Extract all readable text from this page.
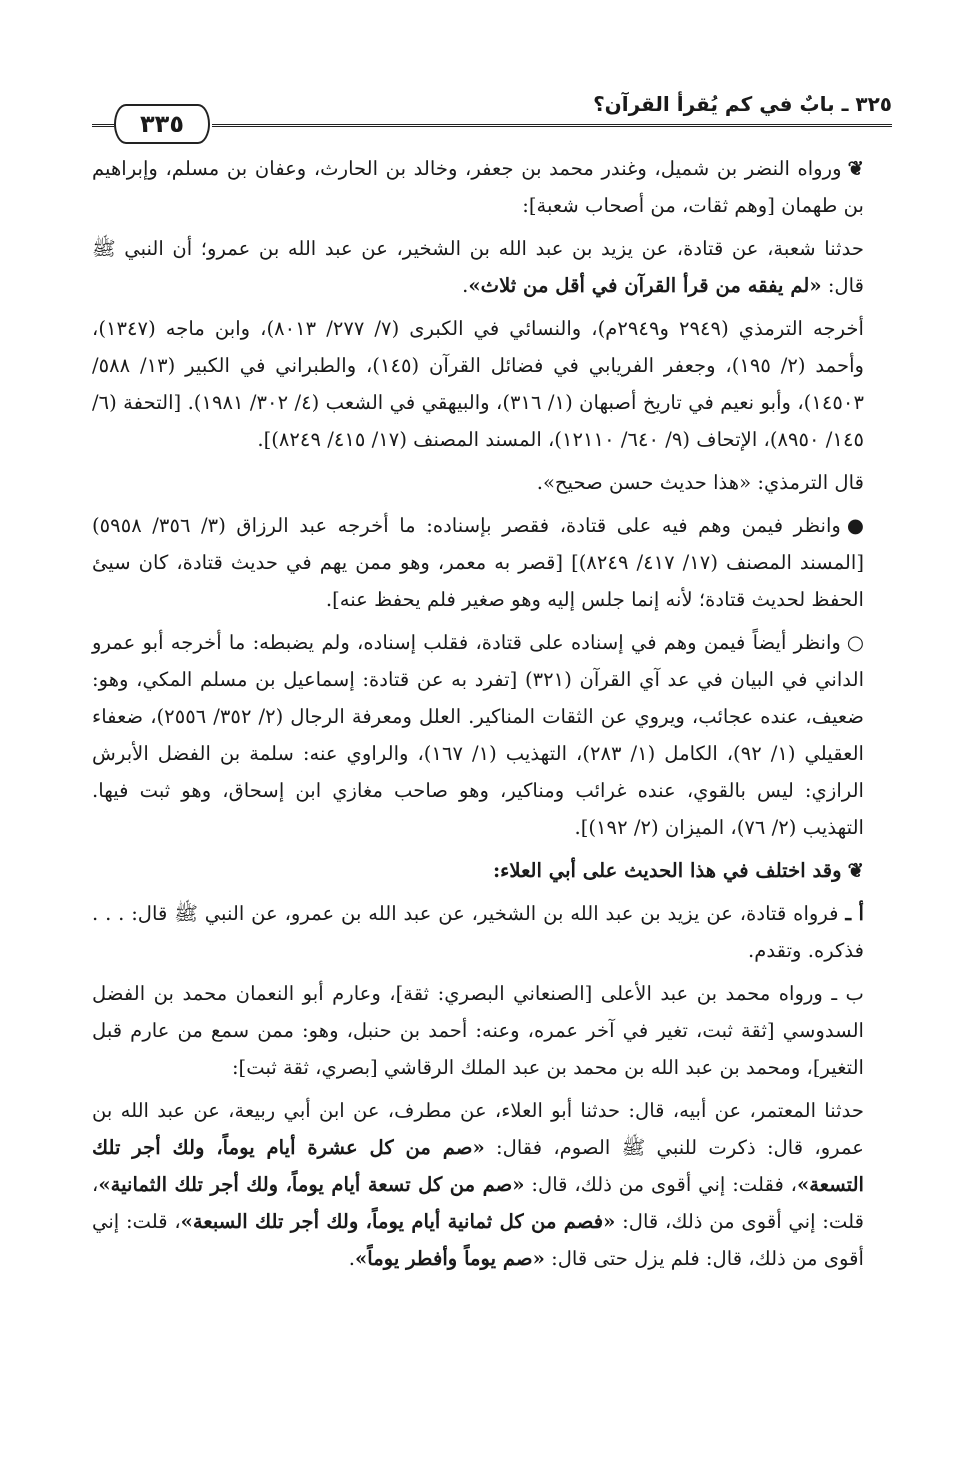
٣٢٥ ـ بابٌ في كم يُقرأ القرآن؟
٣٣٥

❦ورواه النضر بن شميل، وغندر محمد بن جعفر، وخالد بن الحارث، وعفان بن مسلم، وإبراهيم بن طهمان [وهم ثقات، من أصحاب شعبة]:

حدثنا شعبة، عن قتادة، عن يزيد بن عبد الله بن الشخير، عن عبد الله بن عمرو؛ أن النبي ﷺ قال: «لم يفقه من قرأ القرآن في أقل من ثلاث».

أخرجه الترمذي (٢٩٤٩ و٢٩٤٩م)، والنسائي في الكبرى (٧/ ٢٧٧/ ٨٠١٣)، وابن ماجه (١٣٤٧)، وأحمد (٢/ ١٩٥)، وجعفر الفريابي في فضائل القرآن (١٤٥)، والطبراني في الكبير (١٣/ ٥٨٨/ ١٤٥٠٣)، وأبو نعيم في تاريخ أصبهان (١/ ٣١٦)، والبيهقي في الشعب (٤/ ٣٠٢/ ١٩٨١). [التحفة (٦/ ١٤٥/ ٨٩٥٠)، الإتحاف (٩/ ٦٤٠/ ١٢١١٠)، المسند المصنف (١٧/ ٤١٥/ ٨٢٤٩)].

قال الترمذي: «هذا حديث حسن صحيح».

●وانظر فيمن وهم فيه على قتادة، فقصر بإسناده: ما أخرجه عبد الرزاق (٣/ ٣٥٦/ ٥٩٥٨) [المسند المصنف (١٧/ ٤١٧/ ٨٢٤٩)] [قصر به معمر، وهو ممن يهم في حديث قتادة، كان سيئ الحفظ لحديث قتادة؛ لأنه إنما جلس إليه وهو صغير فلم يحفظ عنه].

○وانظر أيضاً فيمن وهم في إسناده على قتادة، فقلب إسناده، ولم يضبطه: ما أخرجه أبو عمرو الداني في البيان في عد آي القرآن (٣٢١) [تفرد به عن قتادة: إسماعيل بن مسلم المكي، وهو: ضعيف، عنده عجائب، ويروي عن الثقات المناكير. العلل ومعرفة الرجال (٢/ ٣٥٢/ ٢٥٥٦)، ضعفاء العقيلي (١/ ٩٢)، الكامل (١/ ٢٨٣)، التهذيب (١/ ١٦٧)، والراوي عنه: سلمة بن الفضل الأبرش الرازي: ليس بالقوي، عنده غرائب ومناكير، وهو صاحب مغازي ابن إسحاق، وهو ثبت فيها. التهذيب (٢/ ٧٦)، الميزان (٢/ ١٩٢)].

❦وقد اختلف في هذا الحديث على أبي العلاء:

أ ـ فرواه قتادة، عن يزيد بن عبد الله بن الشخير، عن عبد الله بن عمرو، عن النبي ﷺ قال: . . . فذكره. وتقدم.

ب ـ ورواه محمد بن عبد الأعلى [الصنعاني البصري: ثقة]، وعارم أبو النعمان محمد بن الفضل السدوسي [ثقة ثبت، تغير في آخر عمره، وعنه: أحمد بن حنبل، وهو: ممن سمع من عارم قبل التغير]، ومحمد بن عبد الله بن محمد بن عبد الملك الرقاشي [بصري، ثقة ثبت]:

حدثنا المعتمر، عن أبيه، قال: حدثنا أبو العلاء، عن مطرف، عن ابن أبي ربيعة، عن عبد الله بن عمرو، قال: ذكرت للنبي ﷺ الصوم، فقال: «صم من كل عشرة أيام يوماً، ولك أجر تلك التسعة»، فقلت: إني أقوى من ذلك، قال: «صم من كل تسعة أيام يوماً، ولك أجر تلك الثمانية»، قلت: إني أقوى من ذلك، قال: «فصم من كل ثمانية أيام يوماً، ولك أجر تلك السبعة»، قلت: إني أقوى من ذلك، قال: فلم يزل حتى قال: «صم يوماً وأفطر يوماً».
